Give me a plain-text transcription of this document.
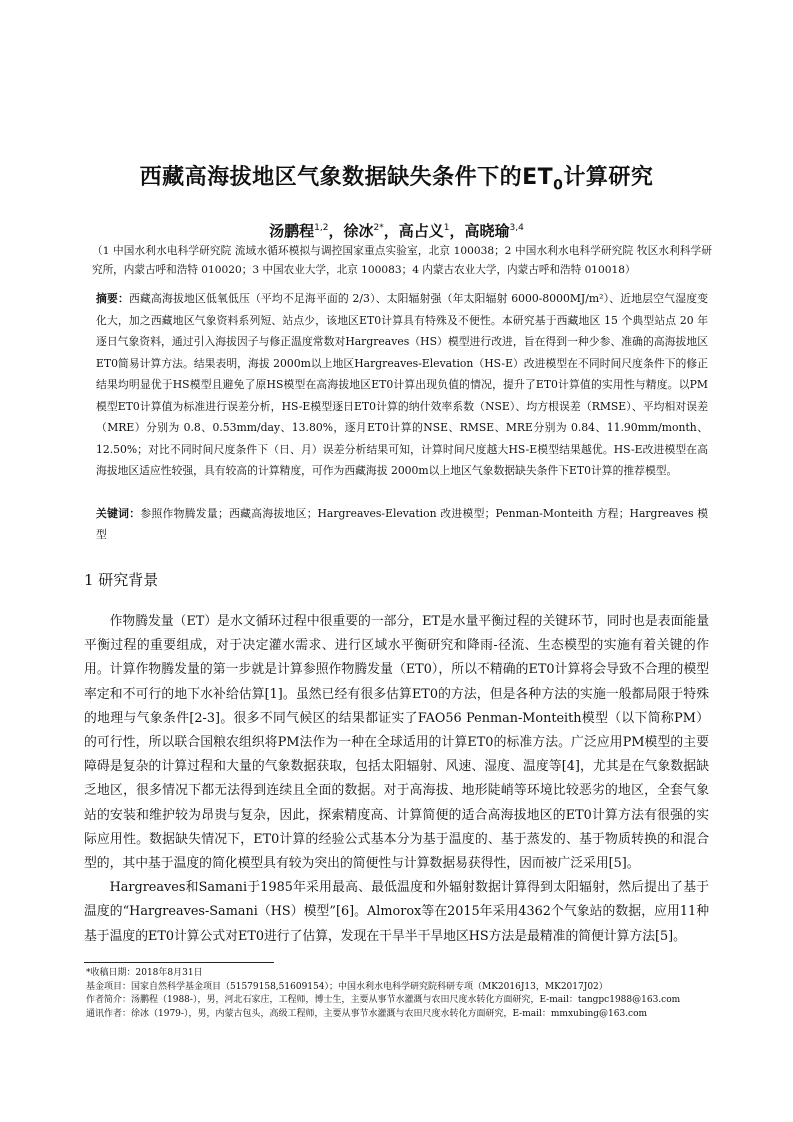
西藏高海拔地区气象数据缺失条件下的$ET_0$计算研究
汤鹏程$^{1,2}$，徐冰$^{2*}$，高占义$^1$，高晓瑜$^{3,4}$
（1 中国水利水电科学研究院 流域水循环模拟与调控国家重点实验室，北京 100038；2 中国水利水电科学研究院 牧区水利科学研究所，内蒙古呼和浩特 010020；3 中国农业大学，北京 100083；4 内蒙古农业大学，内蒙古呼和浩特 010018）
摘要：西藏高海拔地区低氧低压（平均不足海平面的 2/3）、太阳辐射强（年太阳辐射 6000-8000MJ/m²）、近地层空气湿度变化大，加之西藏地区气象资料系列短、站点少，该地区ET0计算具有特殊及不便性。本研究基于西藏地区 15 个典型站点 20 年逐日气象资料，通过引入海拔因子与修正温度常数对Hargreaves（HS）模型进行改进，旨在得到一种少参、准确的高海拔地区ET0简易计算方法。结果表明，海拔 2000m以上地区Hargreaves-Elevation（HS-E）改进模型在不同时间尺度条件下的修正结果均明显优于HS模型且避免了原HS模型在高海拔地区ET0计算出现负值的情况，提升了ET0计算值的实用性与精度。以PM模型ET0计算值为标准进行误差分析，HS-E模型逐日ET0计算的纳什效率系数（NSE）、均方根误差（RMSE）、平均相对误差（MRE）分别为 0.8、0.53mm/day、13.80%，逐月ET0计算的NSE、RMSE、MRE分别为 0.84、11.90mm/month、12.50%；对比不同时间尺度条件下（日、月）误差分析结果可知，计算时间尺度越大HS-E模型结果越优。HS-E改进模型在高海拔地区适应性较强，具有较高的计算精度，可作为西藏海拔 2000m以上地区气象数据缺失条件下ET0计算的推荐模型。
关键词：参照作物腾发量；西藏高海拔地区；Hargreaves-Elevation 改进模型；Penman-Monteith 方程；Hargreaves 模型
1 研究背景

作物腾发量（ET）是水文循环过程中很重要的一部分，ET是水量平衡过程的关键环节，同时也是表面能量平衡过程的重要组成，对于决定灌水需求、进行区域水平衡研究和降雨-径流、生态模型的实施有着关键的作用。计算作物腾发量的第一步就是计算参照作物腾发量（ET0），所以不精确的ET0计算将会导致不合理的模型率定和不可行的地下水补给估算[1]。虽然已经有很多估算ET0的方法，但是各种方法的实施一般都局限于特殊的地理与气象条件[2-3]。很多不同气候区的结果都证实了FAO56 Penman-Monteith模型（以下简称PM）的可行性，所以联合国粮农组织将PM法作为一种在全球适用的计算ET0的标准方法。广泛应用PM模型的主要障碍是复杂的计算过程和大量的气象数据获取，包括太阳辐射、风速、湿度、温度等[4]，尤其是在气象数据缺乏地区，很多情况下都无法得到连续且全面的数据。对于高海拔、地形陡峭等环境比较恶劣的地区，全套气象站的安装和维护较为昂贵与复杂，因此，探索精度高、计算简便的适合高海拔地区的ET0计算方法有很强的实际应用性。数据缺失情况下，ET0计算的经验公式基本分为基于温度的、基于蒸发的、基于物质转换的和混合型的，其中基于温度的简化模型具有较为突出的简便性与计算数据易获得性，因而被广泛采用[5]。

Hargreaves和Samani于1985年采用最高、最低温度和外辐射数据计算得到太阳辐射，然后提出了基于温度的“Hargreaves-Samani（HS）模型”[6]。Almorox等在2015年采用4362个气象站的数据，应用11种基于温度的ET0计算公式对ET0进行了估算，发现在干旱半干旱地区HS方法是最精准的简便计算方法[5]。

*收稿日期：2018年8月31日
基金项目：国家自然科学基金项目（51579158,51609154）；中国水利水电科学研究院科研专项（MK2016J13，MK2017J02）
作者简介：汤鹏程（1988-），男，河北石家庄，工程师，博士生，主要从事节水灌溉与农田尺度水转化方面研究，E-mail：tangpc1988@163.com
通讯作者：徐冰（1979-），男，内蒙古包头，高级工程师，主要从事节水灌溉与农田尺度水转化方面研究，E-mail：mmxubing@163.com
